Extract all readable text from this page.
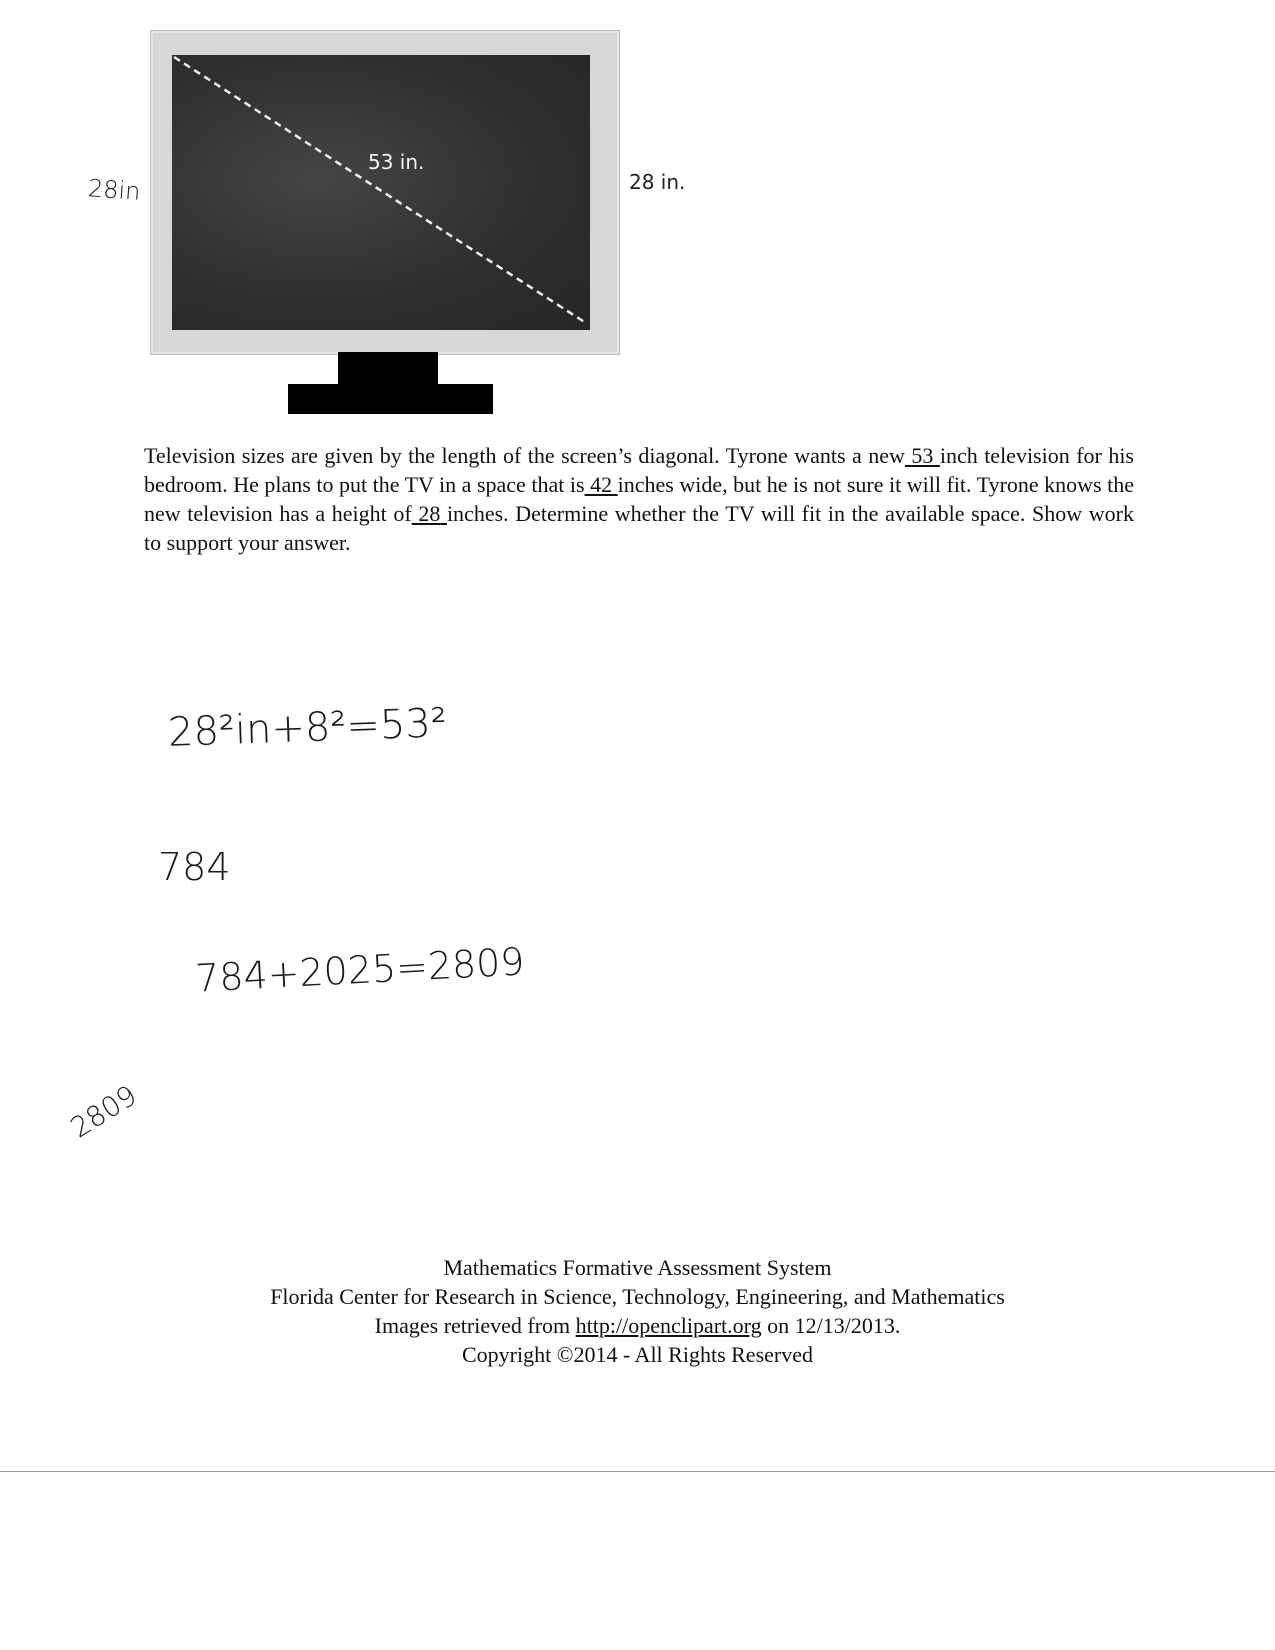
53 in.
28 in.
28in
Television sizes are given by the length of the screen’s diagonal. Tyrone wants a new 53 inch television for his bedroom. He plans to put the TV in a space that is 42 inches wide, but he is not sure it will fit. Tyrone knows the new television has a height of 28 inches. Determine whether the TV will fit in the available space. Show work to support your answer.
28²in+8²=53²
784
784+2025=2809
2809
Mathematics Formative Assessment System
Florida Center for Research in Science, Technology, Engineering, and Mathematics
Images retrieved from http://openclipart.org on 12/13/2013.
Copyright ©2014 - All Rights Reserved
